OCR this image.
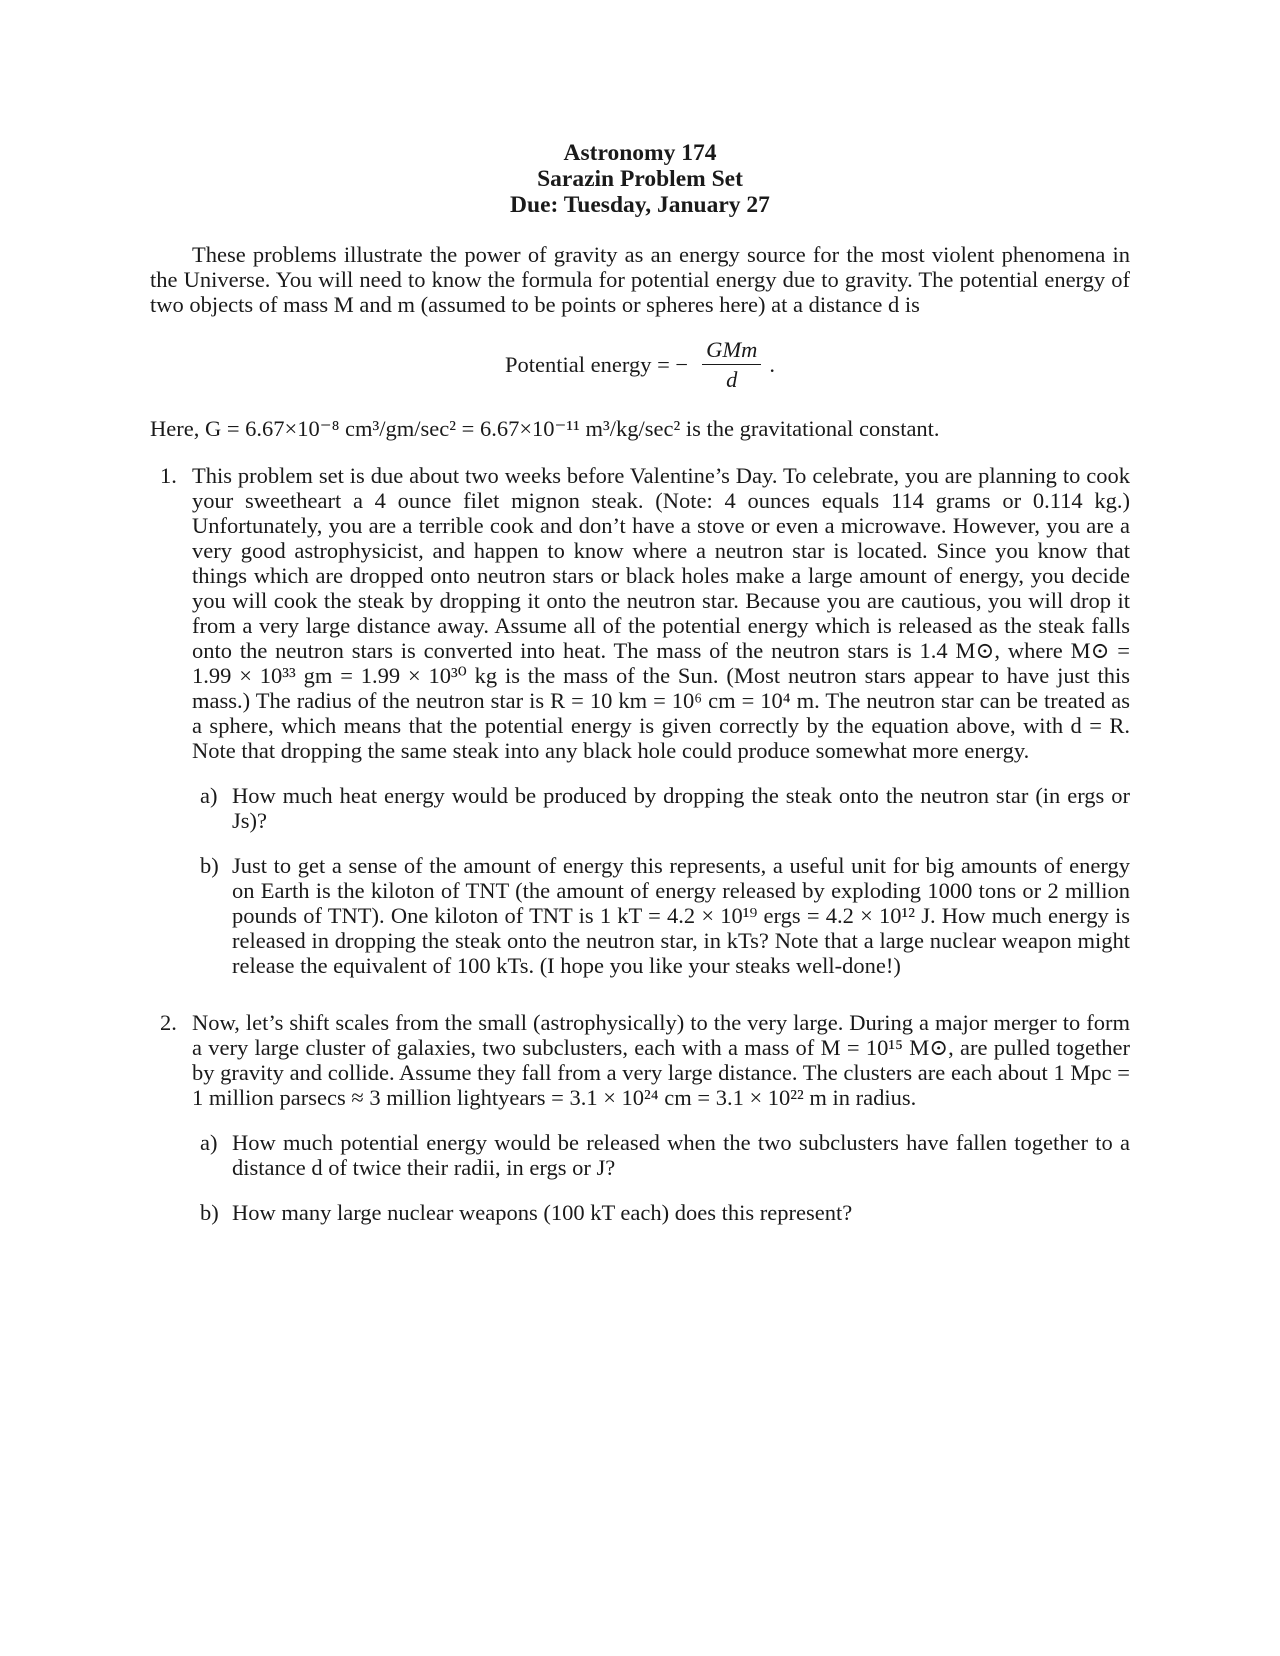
Astronomy 174
Sarazin Problem Set
Due: Tuesday, January 27

These problems illustrate the power of gravity as an energy source for the most violent phenomena in the Universe. You will need to know the formula for potential energy due to gravity. The potential energy of two objects of mass M and m (assumed to be points or spheres here) at a distance d is

Potential energy = − $\frac{\text{GMm}}{d}$ .

Here, G = 6.67×10⁻⁸ cm³/gm/sec² = 6.67×10⁻¹¹ m³/kg/sec² is the gravitational constant.

1. This problem set is due about two weeks before Valentine’s Day. To celebrate, you are planning to cook your sweetheart a 4 ounce filet mignon steak. (Note: 4 ounces equals 114 grams or 0.114 kg.) Unfortunately, you are a terrible cook and don’t have a stove or even a microwave. However, you are a very good astrophysicist, and happen to know where a neutron star is located. Since you know that things which are dropped onto neutron stars or black holes make a large amount of energy, you decide you will cook the steak by dropping it onto the neutron star. Because you are cautious, you will drop it from a very large distance away. Assume all of the potential energy which is released as the steak falls onto the neutron stars is converted into heat. The mass of the neutron stars is 1.4 M⊙, where M⊙ = 1.99 × 10³³ gm = 1.99 × 10³⁰ kg is the mass of the Sun. (Most neutron stars appear to have just this mass.) The radius of the neutron star is R = 10 km = 10⁶ cm = 10⁴ m. The neutron star can be treated as a sphere, which means that the potential energy is given correctly by the equation above, with d = R. Note that dropping the same steak into any black hole could produce somewhat more energy.
a) How much heat energy would be produced by dropping the steak onto the neutron star (in ergs or Js)?
b) Just to get a sense of the amount of energy this represents, a useful unit for big amounts of energy on Earth is the kiloton of TNT (the amount of energy released by exploding 1000 tons or 2 million pounds of TNT). One kiloton of TNT is 1 kT = 4.2 × 10¹⁹ ergs = 4.2 × 10¹² J. How much energy is released in dropping the steak onto the neutron star, in kTs? Note that a large nuclear weapon might release the equivalent of 100 kTs. (I hope you like your steaks well-done!)
2. Now, let’s shift scales from the small (astrophysically) to the very large. During a major merger to form a very large cluster of galaxies, two subclusters, each with a mass of M = 10¹⁵ M⊙, are pulled together by gravity and collide. Assume they fall from a very large distance. The clusters are each about 1 Mpc = 1 million parsecs ≈ 3 million lightyears = 3.1 × 10²⁴ cm = 3.1 × 10²² m in radius.
a) How much potential energy would be released when the two subclusters have fallen together to a distance d of twice their radii, in ergs or J?
b) How many large nuclear weapons (100 kT each) does this represent?
